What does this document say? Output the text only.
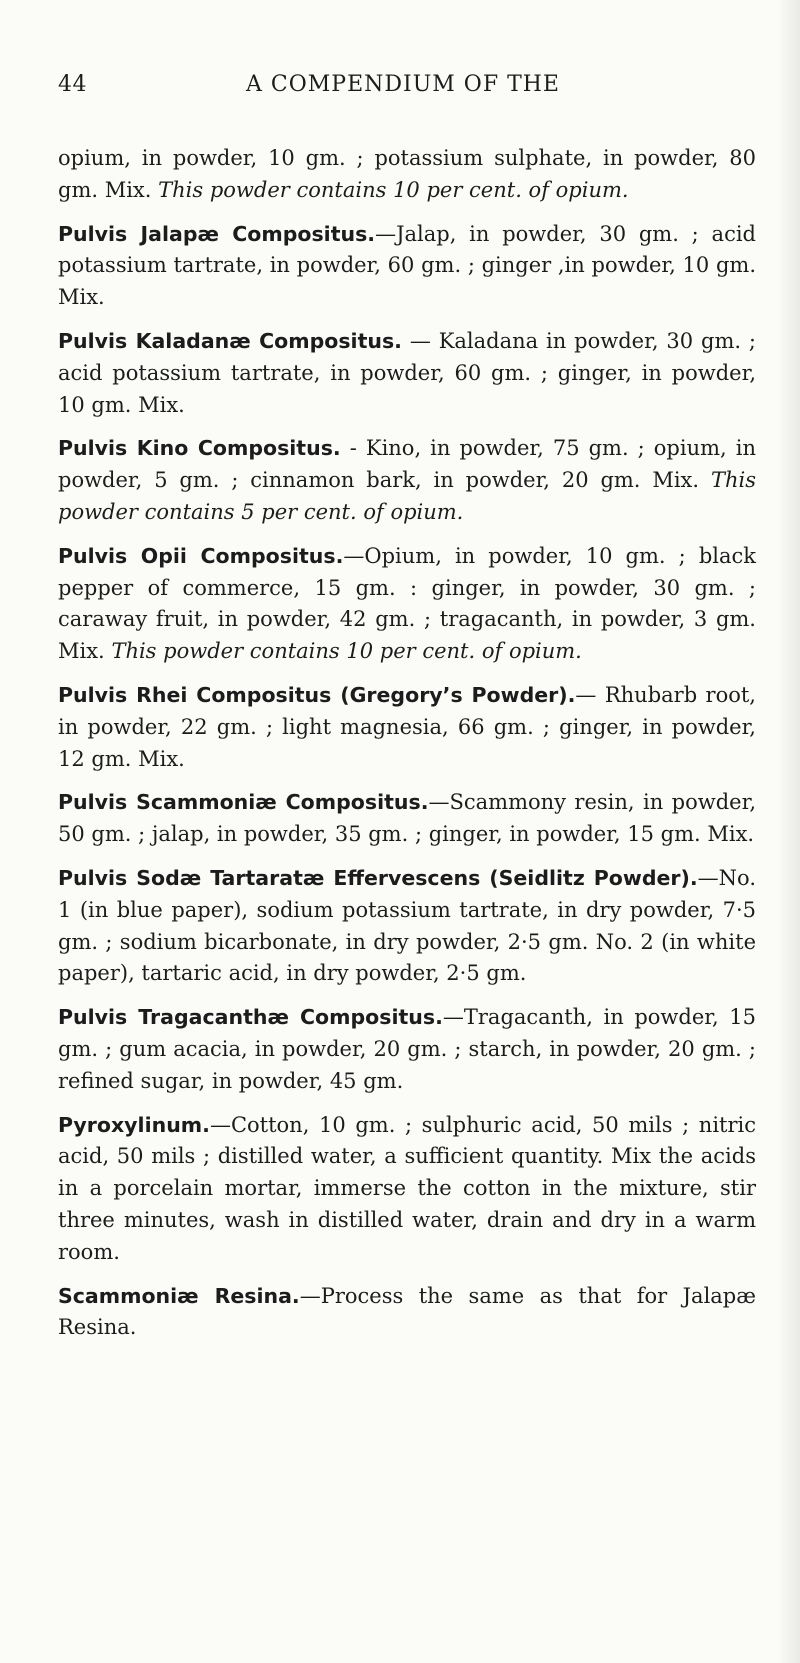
44	A COMPENDIUM OF THE

opium, in powder, 10 gm. ; potassium sulphate, in powder, 80 gm. Mix. This powder contains 10 per cent. of opium.

Pulvis Jalapæ Compositus.—Jalap, in powder, 30 gm. ; acid potassium tartrate, in powder, 60 gm. ; ginger ,in powder, 10 gm. Mix.

Pulvis Kaladanæ Compositus. — Kaladana in powder, 30 gm. ; acid potassium tartrate, in powder, 60 gm. ; ginger, in powder, 10 gm. Mix.

Pulvis Kino Compositus. - Kino, in powder, 75 gm. ; opium, in powder, 5 gm. ; cinnamon bark, in powder, 20 gm. Mix. This powder contains 5 per cent. of opium.

Pulvis Opii Compositus.—Opium, in powder, 10 gm. ; black pepper of commerce, 15 gm. : ginger, in powder, 30 gm. ; caraway fruit, in powder, 42 gm. ; tragacanth, in powder, 3 gm. Mix. This powder contains 10 per cent. of opium.

Pulvis Rhei Compositus (Gregory’s Powder).— Rhubarb root, in powder, 22 gm. ; light magnesia, 66 gm. ; ginger, in powder, 12 gm. Mix.

Pulvis Scammoniæ Compositus.—Scammony resin, in powder, 50 gm. ; jalap, in powder, 35 gm. ; ginger, in powder, 15 gm. Mix.

Pulvis Sodæ Tartaratæ Effervescens (Seidlitz Powder).—No. 1 (in blue paper), sodium potassium tartrate, in dry powder, 7·5 gm. ; sodium bicarbonate, in dry powder, 2·5 gm. No. 2 (in white paper), tartaric acid, in dry powder, 2·5 gm.

Pulvis Tragacanthæ Compositus.—Tragacanth, in powder, 15 gm. ; gum acacia, in powder, 20 gm. ; starch, in powder, 20 gm. ; refined sugar, in powder, 45 gm.

Pyroxylinum.—Cotton, 10 gm. ; sulphuric acid, 50 mils ; nitric acid, 50 mils ; distilled water, a sufficient quantity. Mix the acids in a porcelain mortar, immerse the cotton in the mixture, stir three minutes, wash in distilled water, drain and dry in a warm room.

Scammoniæ Resina.—Process the same as that for Jalapæ Resina.
